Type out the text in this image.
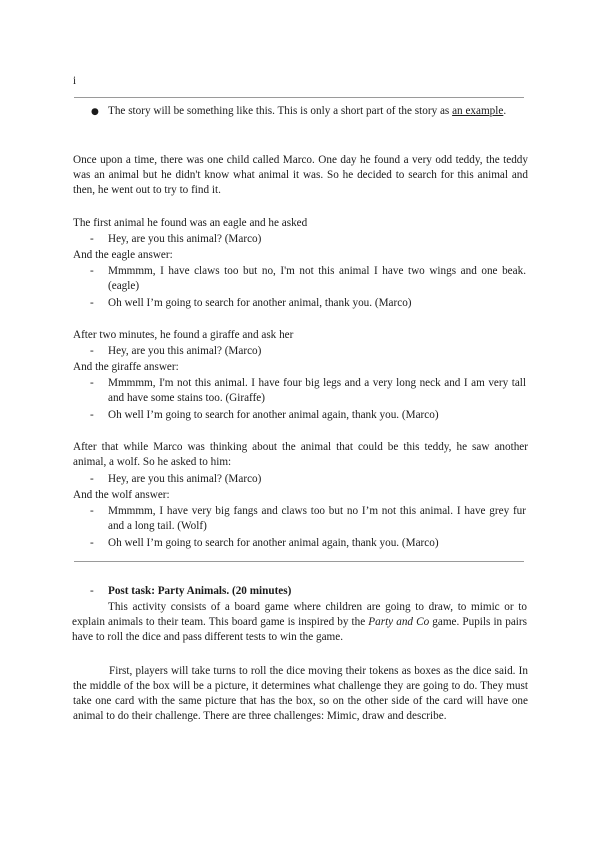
i
● The story will be something like this. This is only a short part of the story as an example.

Once upon a time, there was one child called Marco. One day he found a very odd teddy, the teddy was an animal but he didn't know what animal it was. So he decided to search for this animal and then, he went out to try to find it.

The first animal he found was an eagle and he asked
-	Hey, are you this animal? (Marco)

And the eagle answer:
-	Mmmmm, I have claws too but no, I'm not this animal I have two wings and one beak. (eagle)

-	Oh well I’m going to search for another animal, thank you. (Marco)

After two minutes, he found a giraffe and ask her
-	Hey, are you this animal? (Marco)

And the giraffe answer:
-	Mmmmm, I'm not this animal. I have four big legs and a very long neck and I am very tall and have some stains too. (Giraffe)

-	Oh well I’m going to search for another animal again, thank you. (Marco)

After that while Marco was thinking about the animal that could be this teddy, he saw another animal, a wolf. So he asked to him:

-	Hey, are you this animal? (Marco)

And the wolf answer:
-	Mmmmm, I have very big fangs and claws too but no I’m not this animal. I have grey fur and a long tail. (Wolf)

-	Oh well I’m going to search for another animal again, thank you. (Marco)

-	Post task: Party Animals. (20 minutes)

This activity consists of a board game where children are going to draw, to mimic or to explain animals to their team. This board game is inspired by the Party and Co game. Pupils in pairs have to roll the dice and pass different tests to win the game.

First, players will take turns to roll the dice moving their tokens as boxes as the dice said. In the middle of the box will be a picture, it determines what challenge they are going to do. They must take one card with the same picture that has the box, so on the other side of the card will have one animal to do their challenge. There are three challenges: Mimic, draw and describe.
